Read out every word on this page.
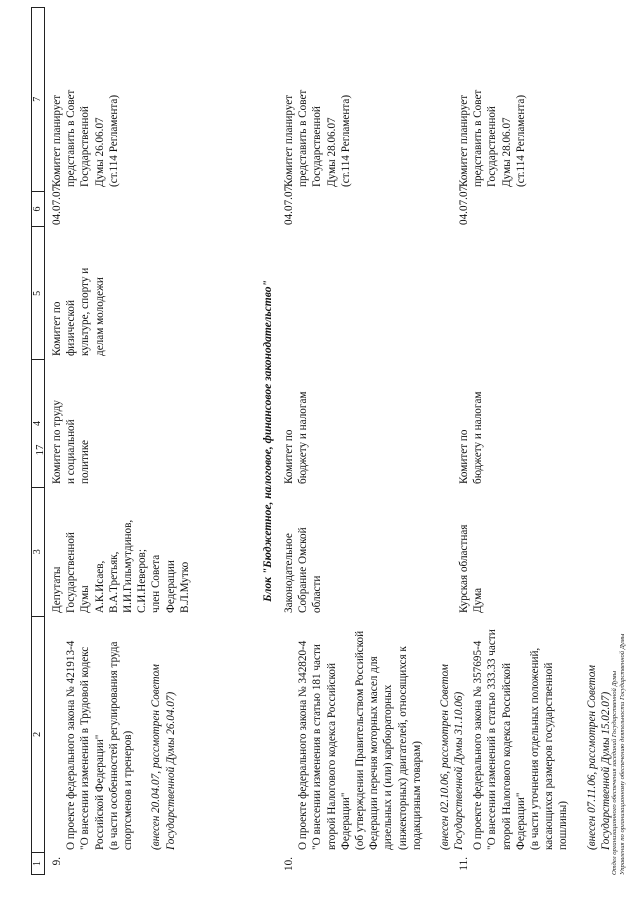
17
1
2
3
4
5
6
7
9.

О проекте федерального закона № 421913-4
"О внесении изменений в Трудовой кодекс Российской Федерации"
(в части особенностей регулирования труда спортсменов и тренеров) (внесен 20.04.07, рассмотрен Советом Государственной Думы 26.04.07)

Депутаты
Государственной
Думы
А.К.Исаев,
В.А.Третьяк,
И.И.Гильмутдинов,
С.И.Неверов;
член Совета
Федерации
В.Л.Мутко
Комитет по труду
и социальной
политике
Комитет по
физической
культуре, спорту и
делам молодежи
04.07.07
Комитет планирует
представить в Совет
Государственной
Думы 26.06.07
(ст.114 Регламента)
Блок "Бюджетное, налоговое, финансовое законодательство"
10.

О проекте федерального закона № 342820-4
"О внесении изменения в статью 181 части второй Налогового кодекса Российской Федерации"
(об утверждении Правительством Российской Федерации перечня моторных масел для дизельных и (или) карбюраторных (инжекторных) двигателей, относящихся к подакцизным товарам) (внесен 02.10.06, рассмотрен Советом Государственной Думы 31.10.06)

Законодательное
Собрание Омской
области
Комитет по
бюджету и налогам
04.07.07
Комитет планирует
представить в Совет
Государственной
Думы 28.06.07
(ст.114 Регламента)
11.

О проекте федерального закона № 357695-4
"О внесении изменений в статью 333.33 части второй Налогового кодекса Российской Федерации"
(в части уточнения отдельных положений, касающихся размеров государственной пошлины) (внесен 07.11.06, рассмотрен Советом Государственной Думы 15.02.07)

Курская областная
Дума
Комитет по
бюджету и налогам
04.07.07
Комитет планирует
представить в Совет
Государственной
Думы 28.06.07
(ст.114 Регламента)
Отдел организационного обеспечения заседаний Государственной Думы Управления по организационному обеспечению деятельности Государственной Думы
